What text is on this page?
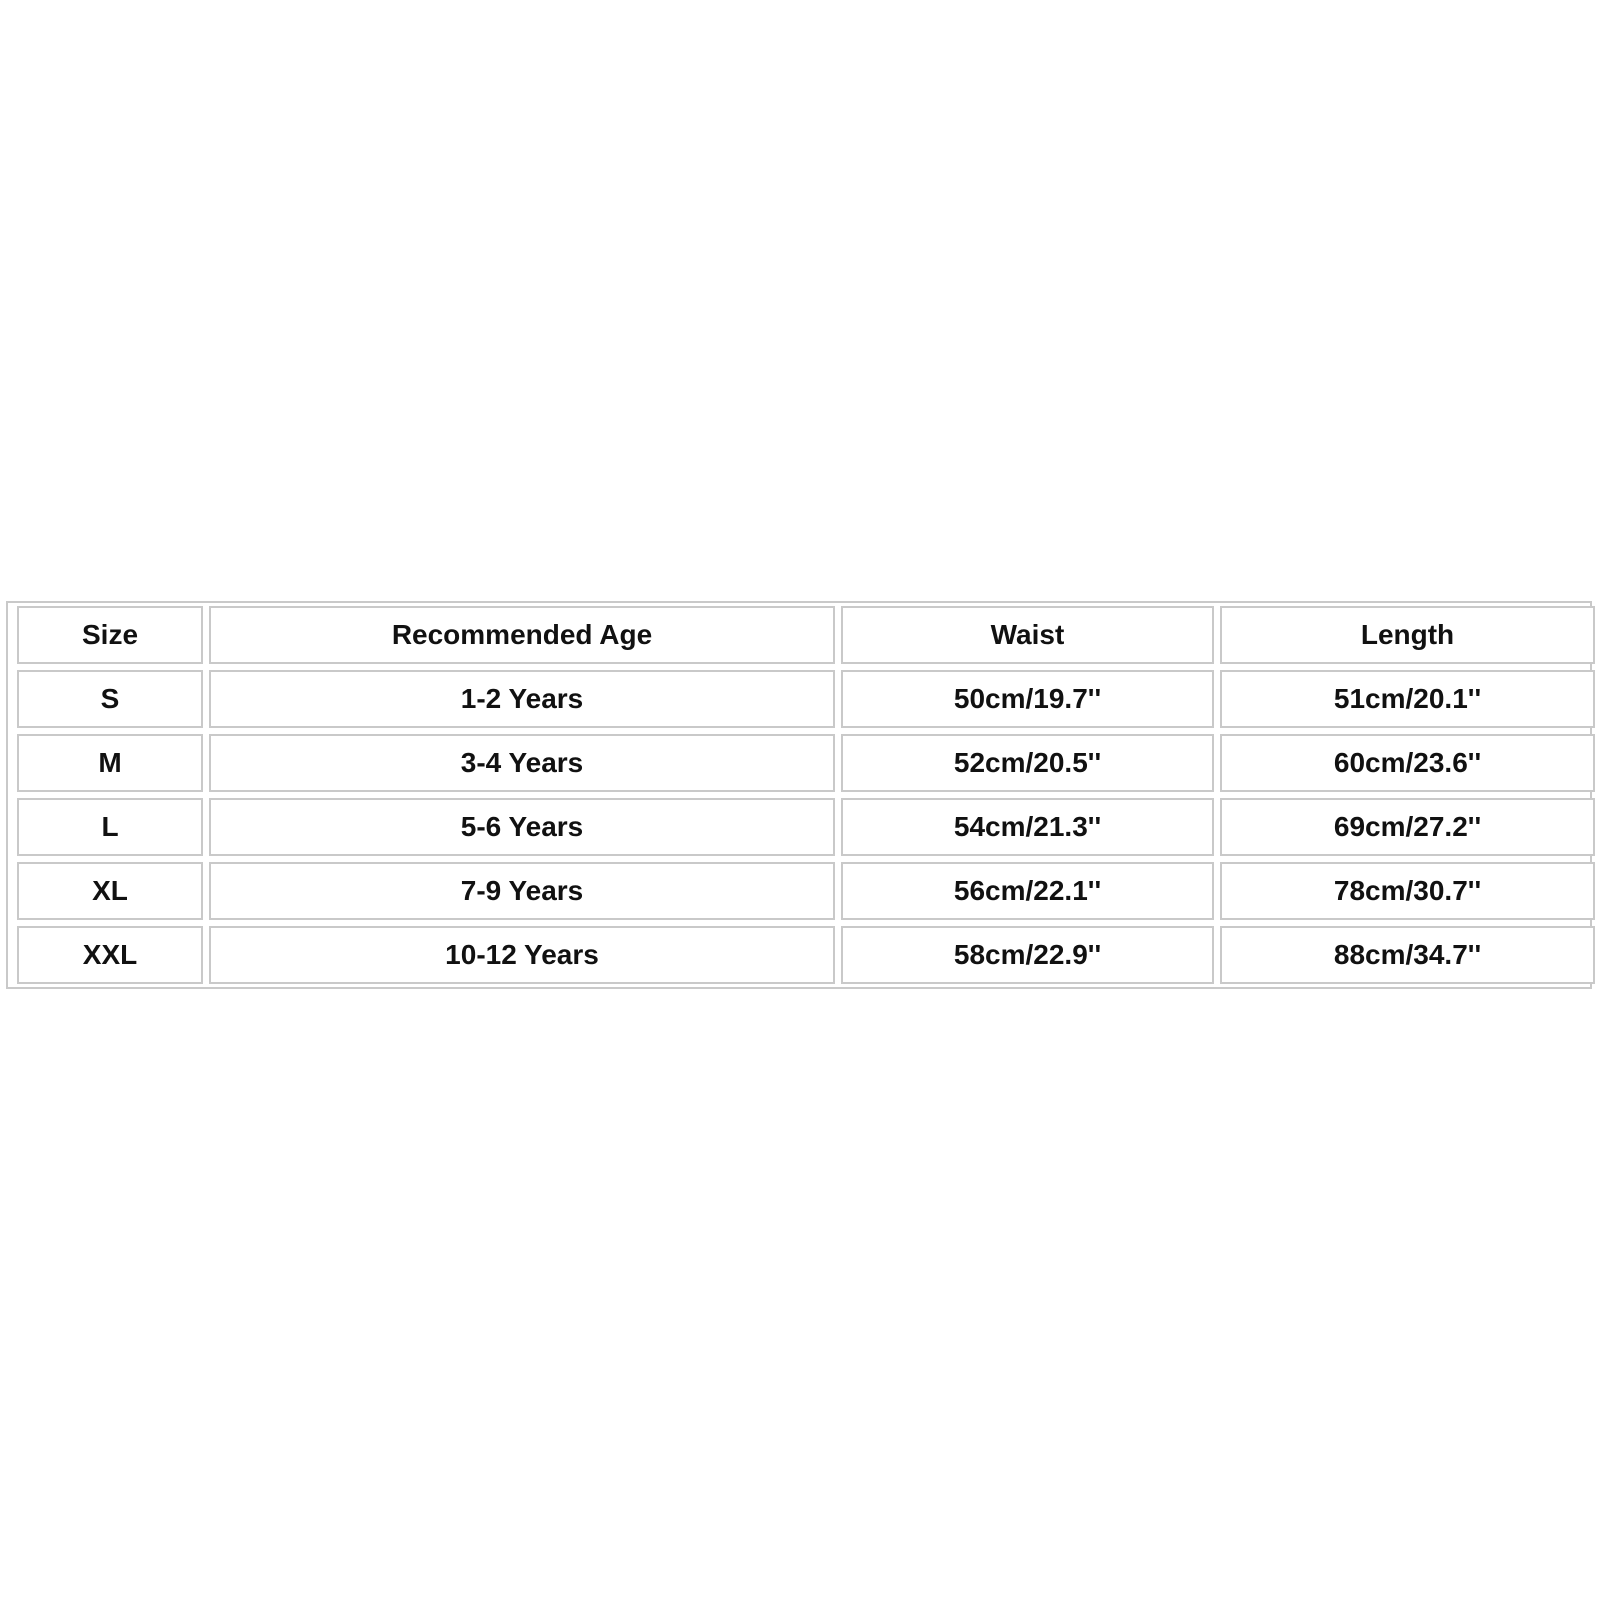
Size	Recommended Age	Waist	Length
S	1-2 Years	50cm/19.7''	51cm/20.1''
M	3-4 Years	52cm/20.5''	60cm/23.6''
L	5-6 Years	54cm/21.3''	69cm/27.2''
XL	7-9 Years	56cm/22.1''	78cm/30.7''
XXL	10-12 Years	58cm/22.9''	88cm/34.7''
